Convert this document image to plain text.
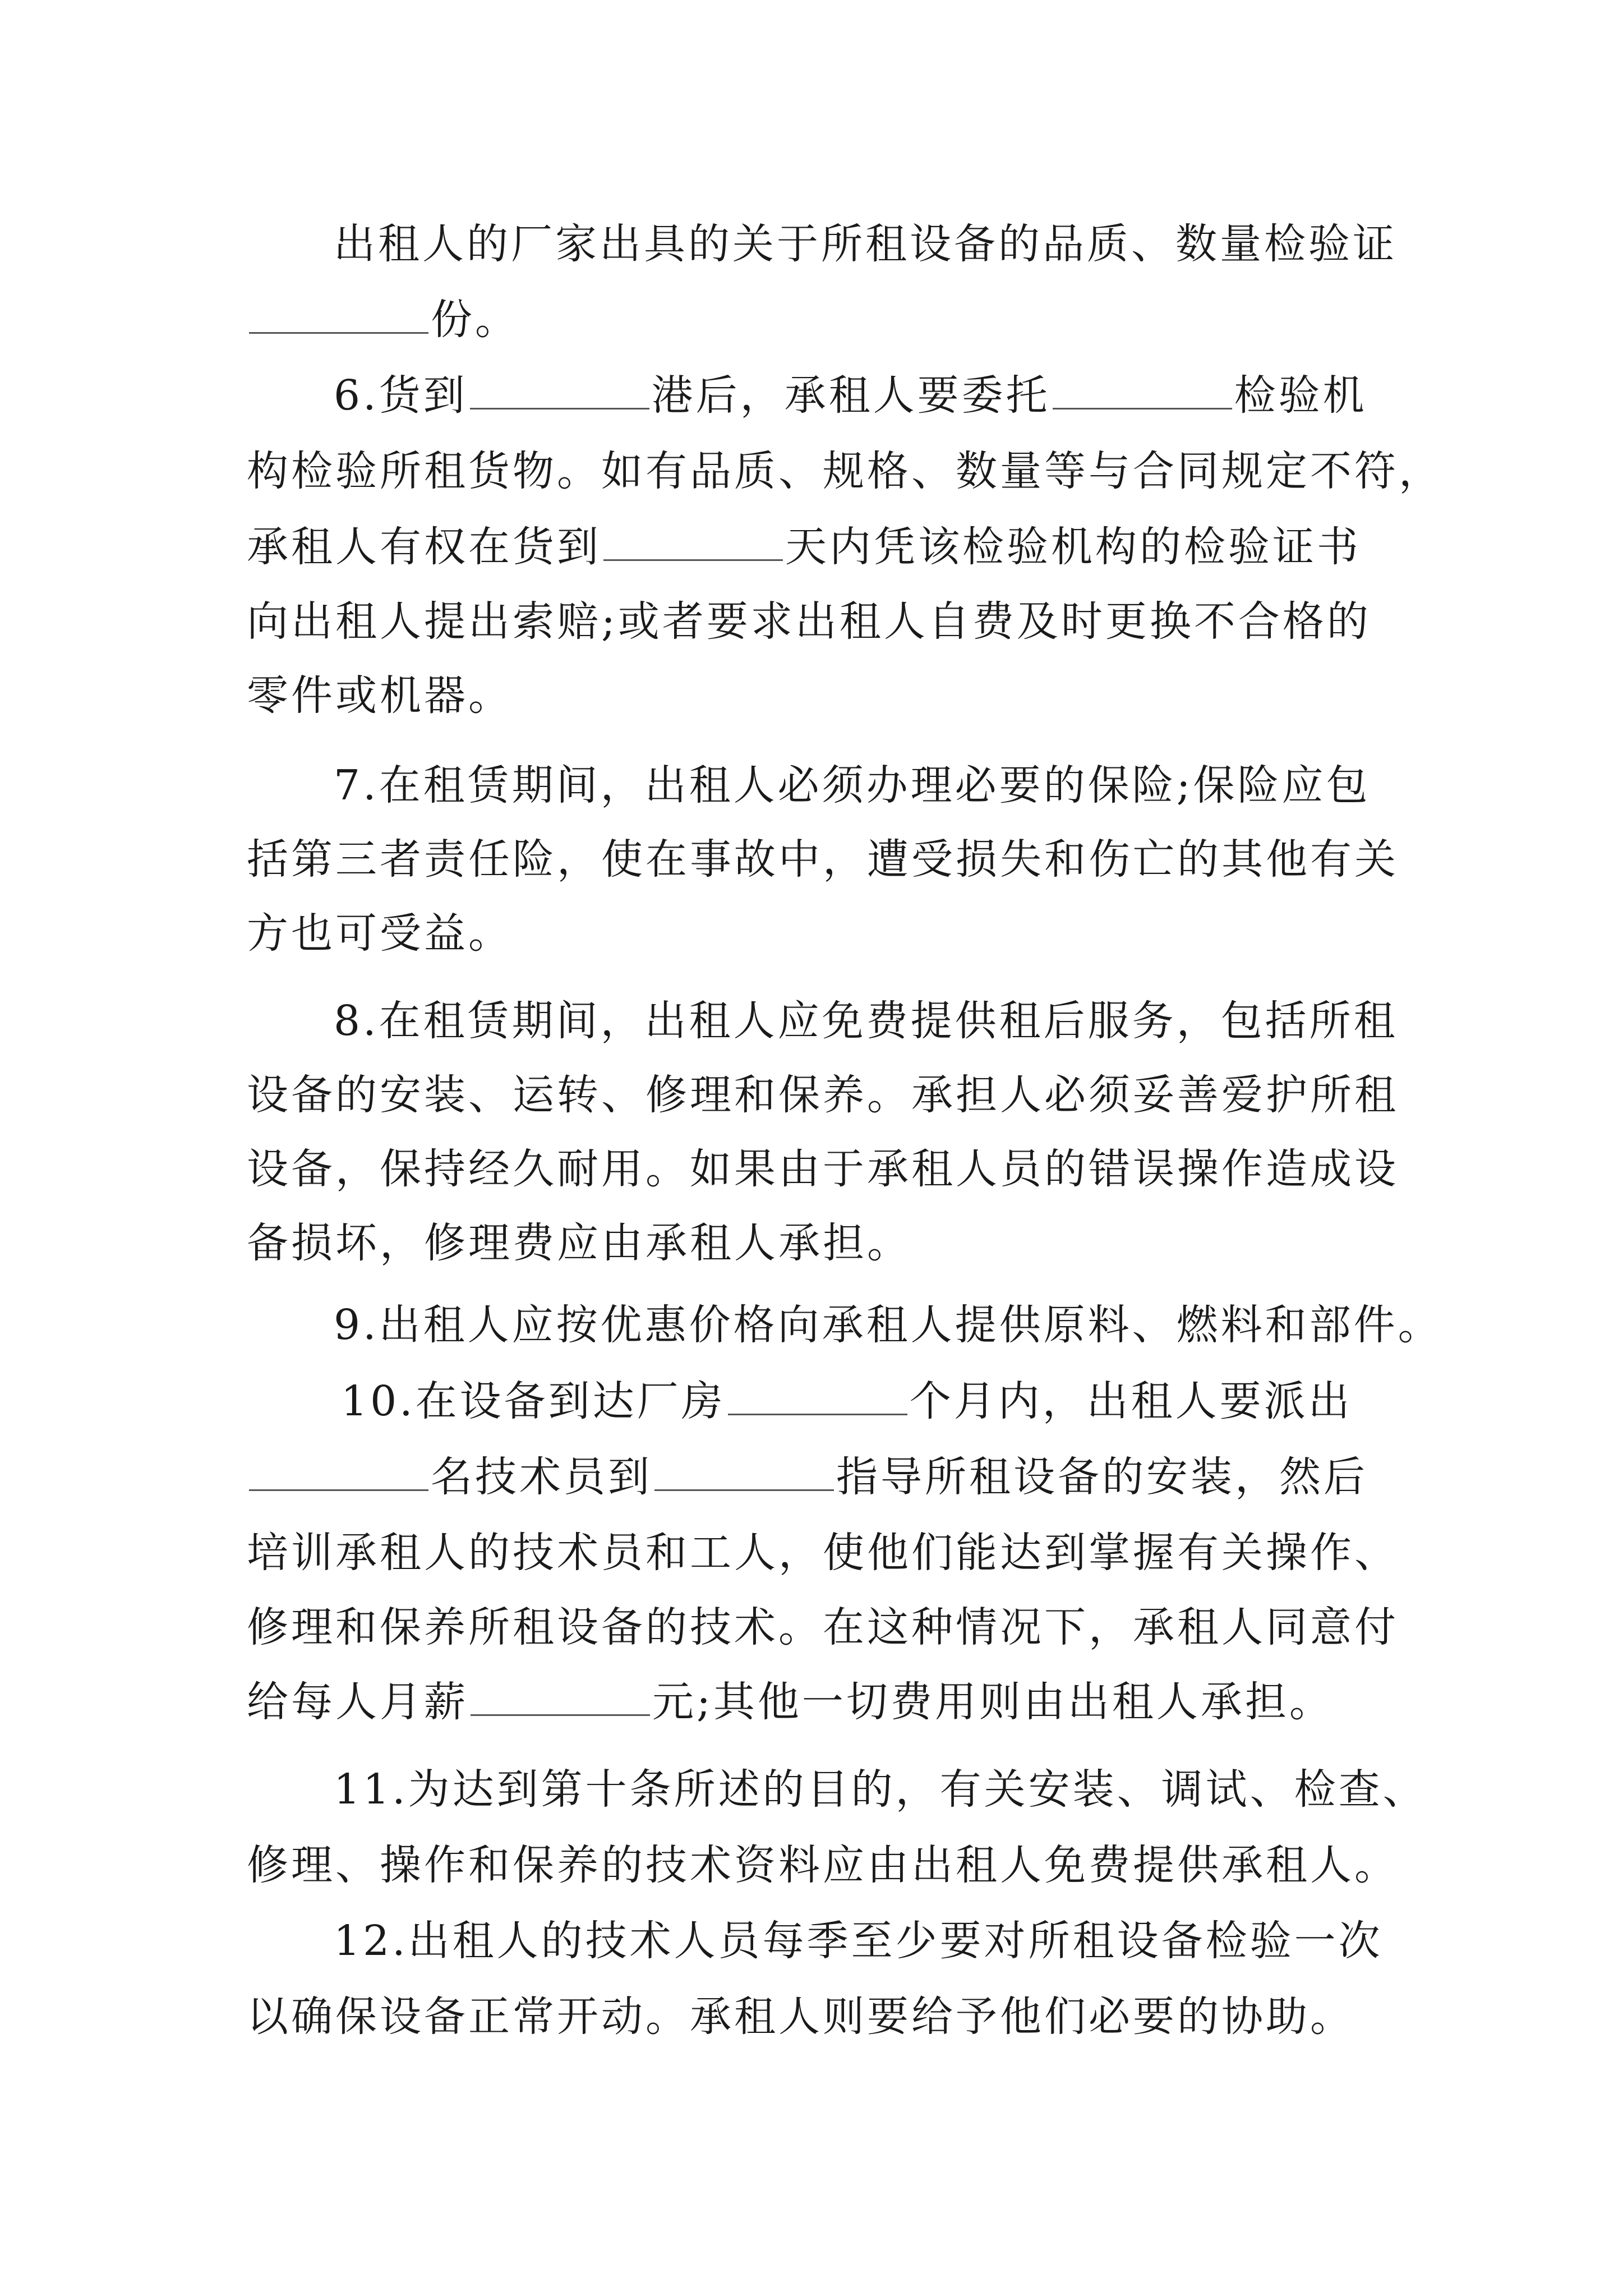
出租人的厂家出具的关于所租设备的品质、数量检验证
份。
6.货到	港后，承租人要委托	检验机
构检验所租货物。如有品质、规格、数量等与合同规定不符，
承租人有权在货到	天内凭该检验机构的检验证书
向出租人提出索赔;或者要求出租人自费及时更换不合格的
零件或机器。
7.在租赁期间，出租人必须办理必要的保险;保险应包
括第三者责任险，使在事故中，遭受损失和伤亡的其他有关
方也可受益。
8.在租赁期间，出租人应免费提供租后服务，包括所租
设备的安装、运转、修理和保养。承担人必须妥善爱护所租
设备，保持经久耐用。如果由于承租人员的错误操作造成设
备损坏，修理费应由承租人承担。
9.出租人应按优惠价格向承租人提供原料、燃料和部件。
10.在设备到达厂房	个月内，出租人要派出
名技术员到	指导所租设备的安装，然后
培训承租人的技术员和工人，使他们能达到掌握有关操作、
修理和保养所租设备的技术。在这种情况下，承租人同意付
给每人月薪	元;其他一切费用则由出租人承担。
11.为达到第十条所述的目的，有关安装、调试、检查、
修理、操作和保养的技术资料应由出租人免费提供承租人。
12.出租人的技术人员每季至少要对所租设备检验一次
以确保设备正常开动。承租人则要给予他们必要的协助。
